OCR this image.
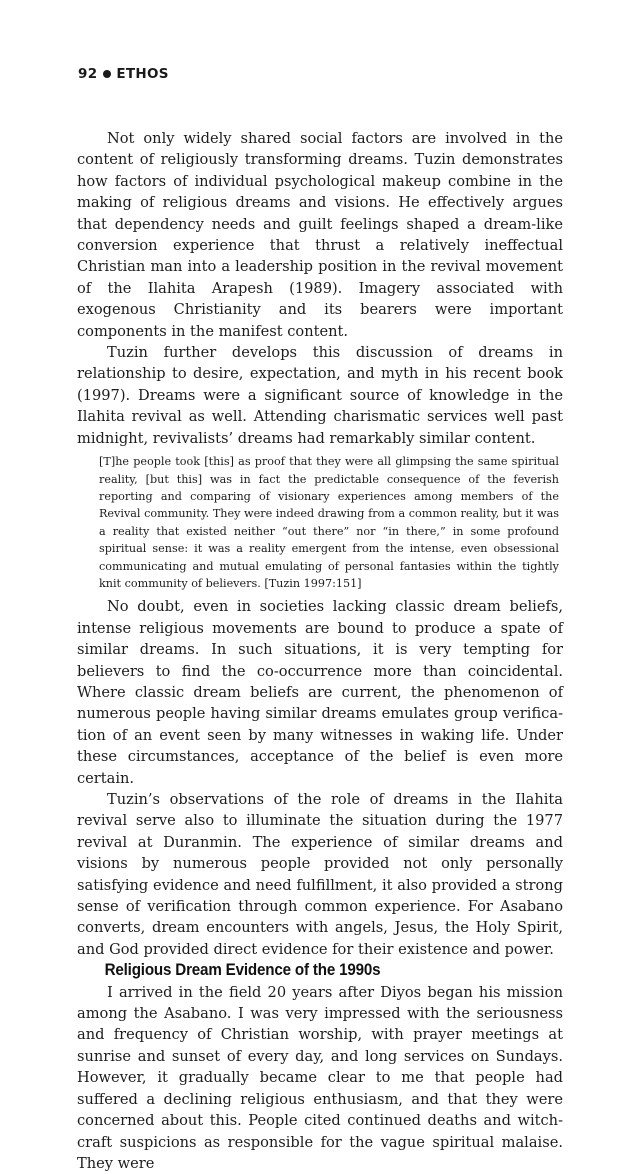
92 ETHOS

Not only widely shared social factors are involved in the content of religiously transforming dreams. Tuzin demonstrates how factors of individual psychological makeup combine in the making of religious dreams and visions. He effectively argues that dependency needs and guilt feelings shaped a dream-like conversion experience that thrust a relatively ineffectual Christian man into a leadership position in the revival movement of the Ilahita Arapesh (1989). Imagery associated with exogenous Christianity and its bearers were important components in the manifest content.

Tuzin further develops this discussion of dreams in relationship to desire, expectation, and myth in his recent book (1997). Dreams were a significant source of knowledge in the Ilahita revival as well. Attending charismatic services well past midnight, revivalists’ dreams had remarkably similar content.

[T]he people took [this] as proof that they were all glimpsing the same spiritual reality, [but this] was in fact the predictable consequence of the feverish reporting and comparing of visionary experiences among members of the Revival community. They were indeed drawing from a common reality, but it was a reality that existed neither “out there” nor “in there,” in some profound spiritual sense: it was a reality emergent from the intense, even obsessional communicating and mutual emulating of personal fantasies within the tightly knit community of believers. [Tuzin 1997:151]

No doubt, even in societies lacking classic dream beliefs, intense religious movements are bound to produce a spate of similar dreams. In such situations, it is very tempting for believers to find the co-occurrence more than coincidental. Where classic dream beliefs are current, the phenomenon of numerous people having similar dreams emulates group verification of an event seen by many witnesses in waking life. Under these circumstances, acceptance of the belief is even more certain.

Tuzin’s observations of the role of dreams in the Ilahita revival serve also to illuminate the situation during the 1977 revival at Duranmin. The experience of similar dreams and visions by numerous people provided not only personally satisfying evidence and need fulfillment, it also provided a strong sense of verification through common experience. For Asabano converts, dream encounters with angels, Jesus, the Holy Spirit, and God provided direct evidence for their existence and power.

Religious Dream Evidence of the 1990s

I arrived in the field 20 years after Diyos began his mission among the Asabano. I was very impressed with the seriousness and frequency of Christian worship, with prayer meetings at sunrise and sunset of every day, and long services on Sundays. However, it gradually became clear to me that people had suffered a declining religious enthusiasm, and that they were concerned about this. People cited continued deaths and witchcraft suspicions as responsible for the vague spiritual malaise. They were
